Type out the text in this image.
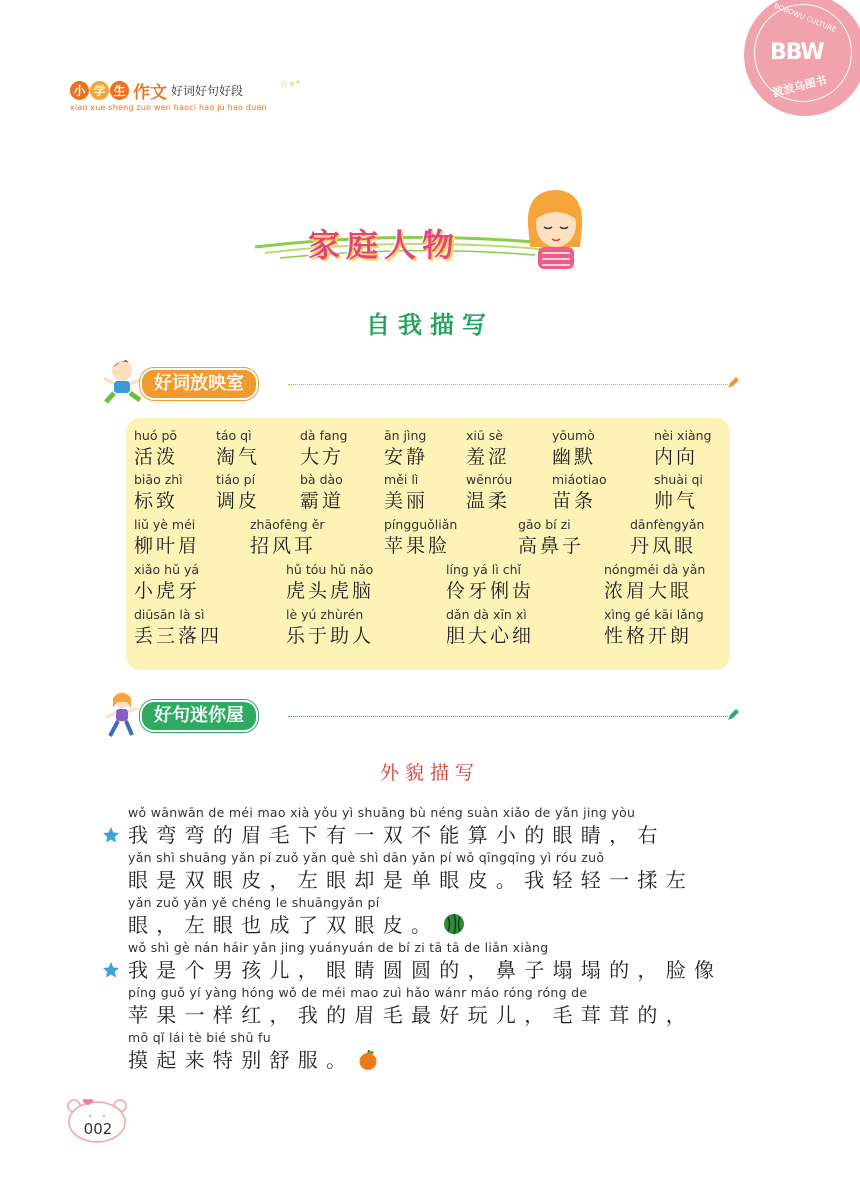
小 学 生 作文 好词好句好段
xiao xue sheng zuo wen haoci hao ju hao duan
☆✧°
BOBOWU CULTURE
BBW
波波乌图书
家庭人物
自我描写
好词放映室
huó pō
活泼
táo qì
淘气
dà fang
大方
ān jìng
安静
xiū sè
羞涩
yōumò
幽默
nèi xiàng
内向
biāo zhì
标致
tiáo pí
调皮
bà dào
霸道
měi lì
美丽
wēnróu
温柔
miáotiao
苗条
shuài qi
帅气
liǔ yè méi
柳叶眉
zhāofēng ěr
招风耳
píngguǒliǎn
苹果脸
gāo bí zi
高鼻子
dānfèngyǎn
丹凤眼
xiǎo hǔ yá
小虎牙
hǔ tóu hǔ nǎo
虎头虎脑
líng yá lì chǐ
伶牙俐齿
nóngméi dà yǎn
浓眉大眼
diūsān là sì
丢三落四
lè yú zhùrén
乐于助人
dǎn dà xīn xì
胆大心细
xìng gé kāi lǎng
性格开朗
好句迷你屋
外貌描写
wǒ wānwān de méi mao xià yǒu yì shuāng bù néng suàn xiǎo de yǎn jing yòu
我弯弯的眉毛下有一双不能算小的眼睛，右
yǎn shì shuāng yǎn pí zuǒ yǎn què shì dān yǎn pí wǒ qīngqīng yì róu zuǒ
眼是双眼皮，左眼却是单眼皮。我轻轻一揉左
yǎn zuǒ yǎn yě chéng le shuāngyǎn pí
眼，左眼也成了双眼皮。
wǒ shì gè nán háir yǎn jing yuányuán de bí zi tā tā de liǎn xiàng
我是个男孩儿，眼睛圆圆的，鼻子塌塌的，脸像
píng guǒ yí yàng hóng wǒ de méi mao zuì hǎo wánr máo róng róng de
苹果一样红，我的眉毛最好玩儿，毛茸茸的，
mō qǐ lái tè bié shū fu
摸起来特别舒服。
002
